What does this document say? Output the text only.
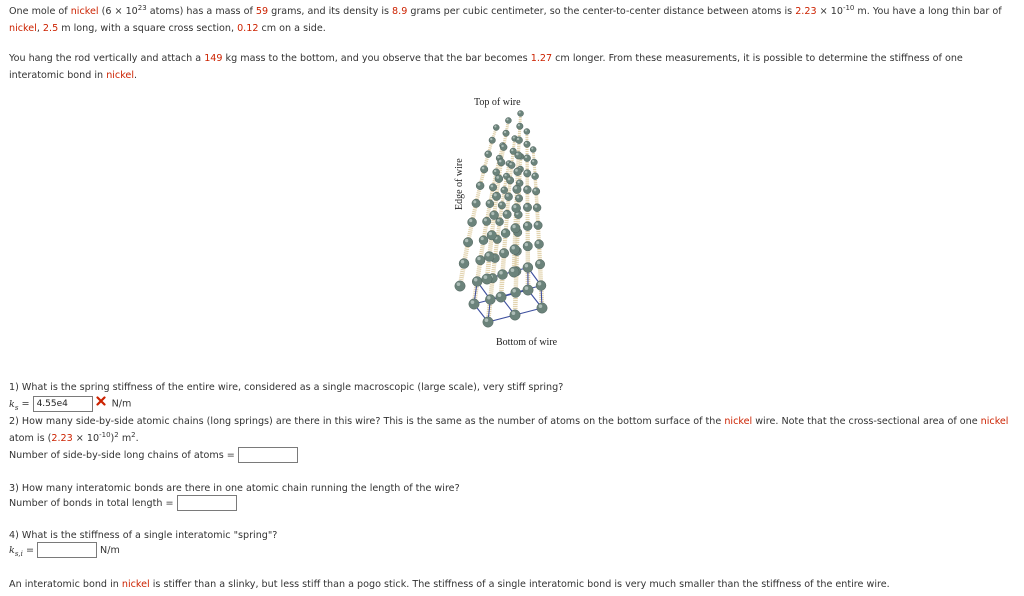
One mole of nickel ($6 \times 10^{23}$ atoms) has a mass of 59 grams, and its density is 8.9 grams per cubic centimeter, so the center-to-center distance between atoms is $2.23 \times 10^{-10}$ m. You have a long thin bar of nickel, 2.5 m long, with a square cross section, 0.12 cm on a side.

You hang the rod vertically and attach a 149 kg mass to the bottom, and you observe that the bar becomes 1.27 cm longer. From these measurements, it is possible to determine the stiffness of one interatomic bond in nickel.

Top of wire
Edge of wire
Bottom of wire
1) What is the spring stiffness of the entire wire, considered as a single macroscopic (large scale), very stiff spring?
$k_s = 4.55e4$	N/m

2) How many side-by-side atomic chains (long springs) are there in this wire? This is the same as the number of atoms on the bottom surface of the nickel wire. Note that the cross-sectional area of one nickel atom is $(2.23 \times 10^{-10})^2$ $m^2$.

Number of side-by-side long chains of atoms =
3) How many interatomic bonds are there in one atomic chain running the length of the wire?
Number of bonds in total length =
4) What is the stiffness of a single interatomic "spring"?
$k_{s,i}$ =	N/m
An interatomic bond in nickel is stiffer than a slinky, but less stiff than a pogo stick. The stiffness of a single interatomic bond is very much smaller than the stiffness of the entire wire.
